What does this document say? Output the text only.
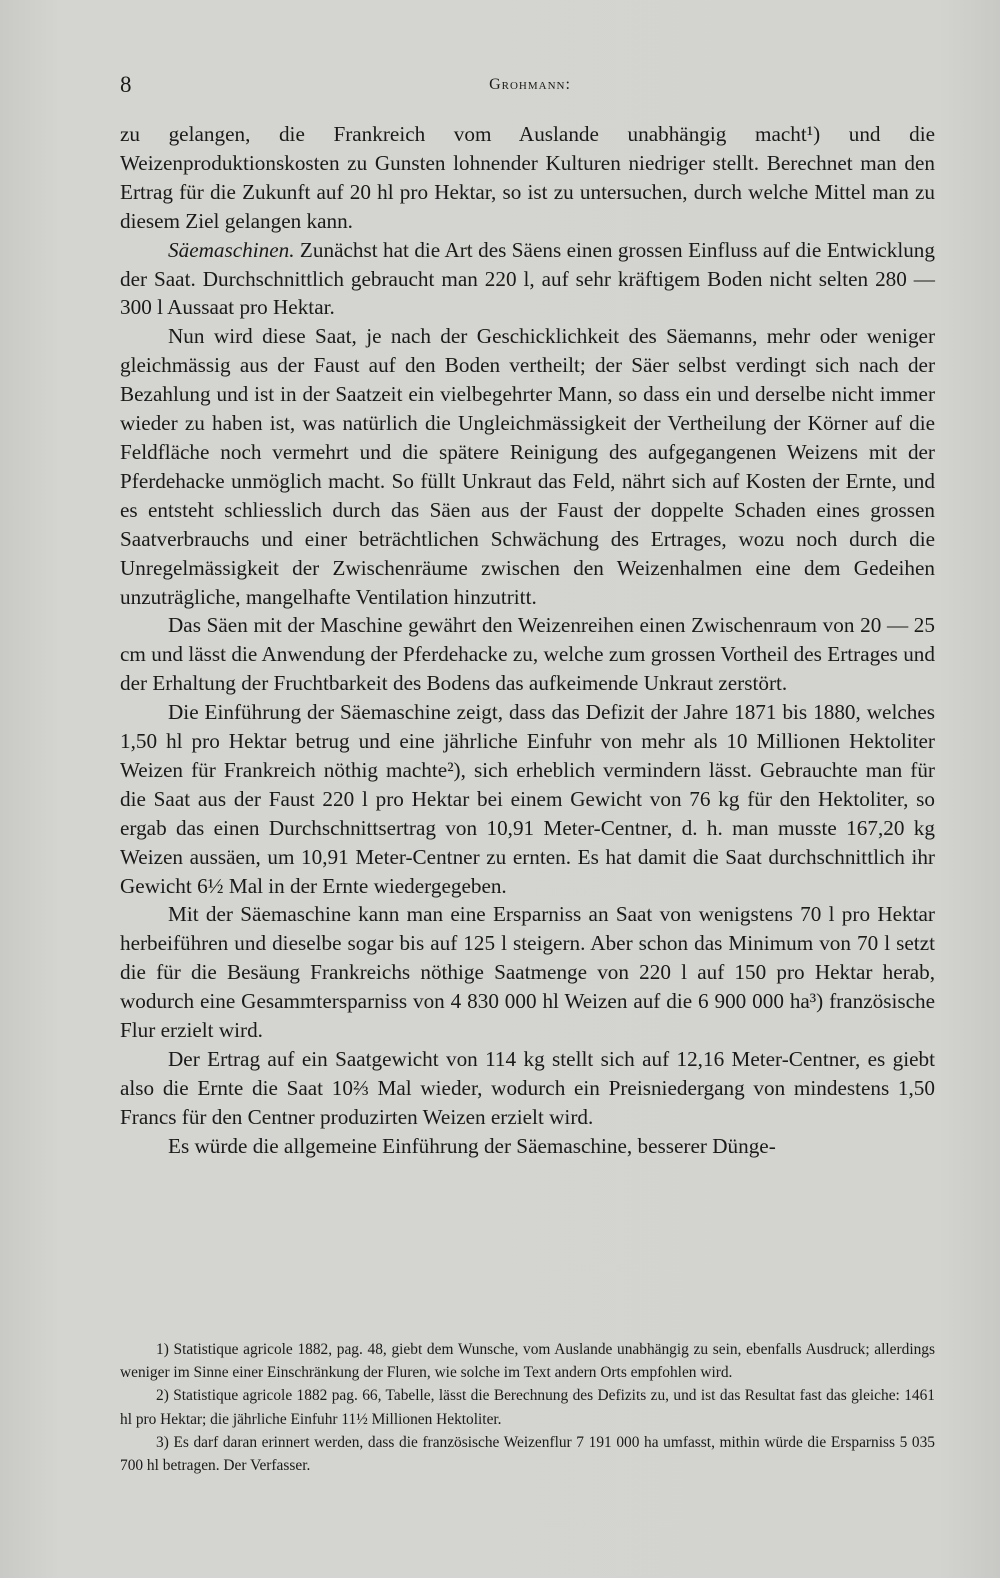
8	Grohmann:

zu gelangen, die Frankreich vom Auslande unabhängig macht¹) und die Weizenproduktionskosten zu Gunsten lohnender Kulturen niedriger stellt. Berechnet man den Ertrag für die Zukunft auf 20 hl pro Hektar, so ist zu untersuchen, durch welche Mittel man zu diesem Ziel gelangen kann.

Säemaschinen. Zunächst hat die Art des Säens einen grossen Einfluss auf die Entwicklung der Saat. Durchschnittlich gebraucht man 220 l, auf sehr kräftigem Boden nicht selten 280 — 300 l Aussaat pro Hektar.

Nun wird diese Saat, je nach der Geschicklichkeit des Säemanns, mehr oder weniger gleichmässig aus der Faust auf den Boden vertheilt; der Säer selbst verdingt sich nach der Bezahlung und ist in der Saatzeit ein vielbegehrter Mann, so dass ein und derselbe nicht immer wieder zu haben ist, was natürlich die Ungleichmässigkeit der Vertheilung der Körner auf die Feldfläche noch vermehrt und die spätere Reinigung des aufgegangenen Weizens mit der Pferdehacke unmöglich macht. So füllt Unkraut das Feld, nährt sich auf Kosten der Ernte, und es entsteht schliesslich durch das Säen aus der Faust der doppelte Schaden eines grossen Saatverbrauchs und einer beträchtlichen Schwächung des Ertrages, wozu noch durch die Unregelmässigkeit der Zwischenräume zwischen den Weizenhalmen eine dem Gedeihen unzuträgliche, mangelhafte Ventilation hinzutritt.

Das Säen mit der Maschine gewährt den Weizenreihen einen Zwischenraum von 20 — 25 cm und lässt die Anwendung der Pferdehacke zu, welche zum grossen Vortheil des Ertrages und der Erhaltung der Fruchtbarkeit des Bodens das aufkeimende Unkraut zerstört.

Die Einführung der Säemaschine zeigt, dass das Defizit der Jahre 1871 bis 1880, welches 1,50 hl pro Hektar betrug und eine jährliche Einfuhr von mehr als 10 Millionen Hektoliter Weizen für Frankreich nöthig machte²), sich erheblich vermindern lässt. Gebrauchte man für die Saat aus der Faust 220 l pro Hektar bei einem Gewicht von 76 kg für den Hektoliter, so ergab das einen Durchschnittsertrag von 10,91 Meter-Centner, d. h. man musste 167,20 kg Weizen aussäen, um 10,91 Meter-Centner zu ernten. Es hat damit die Saat durchschnittlich ihr Gewicht 6½ Mal in der Ernte wiedergegeben.

Mit der Säemaschine kann man eine Ersparniss an Saat von wenigstens 70 l pro Hektar herbeiführen und dieselbe sogar bis auf 125 l steigern. Aber schon das Minimum von 70 l setzt die für die Besäung Frankreichs nöthige Saatmenge von 220 l auf 150 pro Hektar herab, wodurch eine Gesammtersparniss von 4 830 000 hl Weizen auf die 6 900 000 ha³) französische Flur erzielt wird.

Der Ertrag auf ein Saatgewicht von 114 kg stellt sich auf 12,16 Meter-Centner, es giebt also die Ernte die Saat 10⅔ Mal wieder, wodurch ein Preisniedergang von mindestens 1,50 Francs für den Centner produzirten Weizen erzielt wird.

Es würde die allgemeine Einführung der Säemaschine, besserer Dünge-

1) Statistique agricole 1882, pag. 48, giebt dem Wunsche, vom Auslande unabhängig zu sein, ebenfalls Ausdruck; allerdings weniger im Sinne einer Einschränkung der Fluren, wie solche im Text andern Orts empfohlen wird.

2) Statistique agricole 1882 pag. 66, Tabelle, lässt die Berechnung des Defizits zu, und ist das Resultat fast das gleiche: 1461 hl pro Hektar; die jährliche Einfuhr 11½ Millionen Hektoliter.

3) Es darf daran erinnert werden, dass die französische Weizenflur 7 191 000 ha umfasst, mithin würde die Ersparniss 5 035 700 hl betragen. Der Verfasser.
